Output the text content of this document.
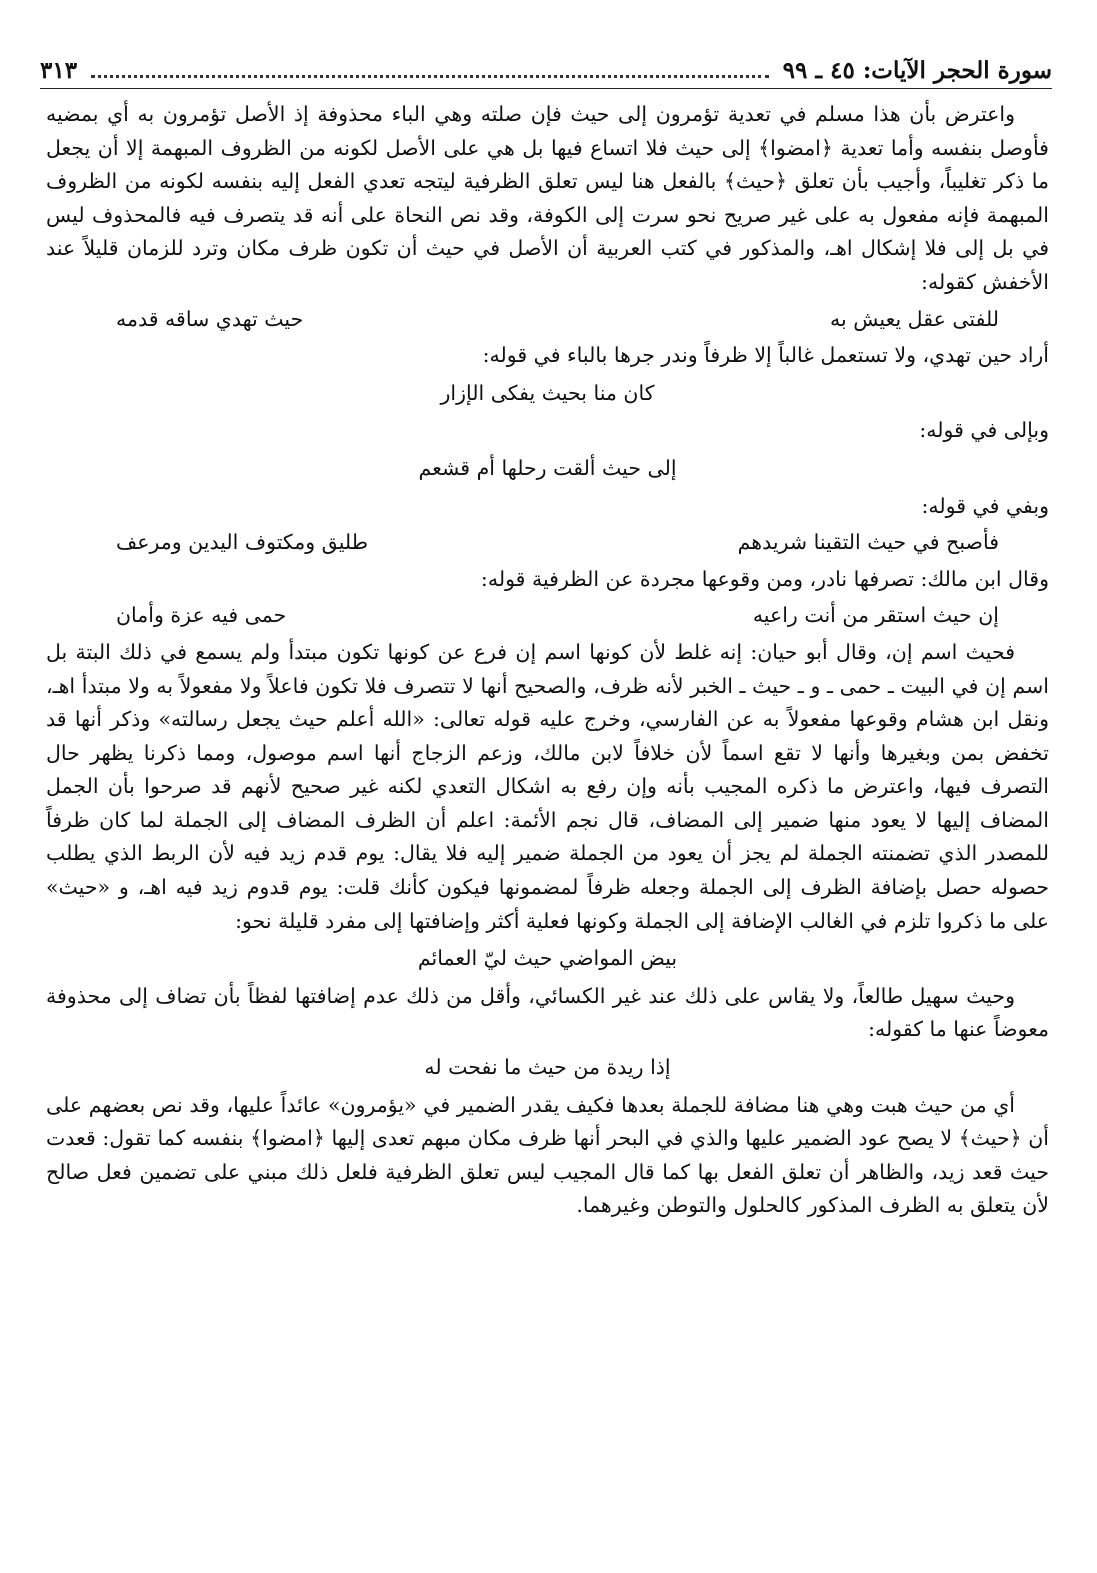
سورة الحجر الآيات: ٤٥ ـ ٩٩
٣١٣

واعترض بأن هذا مسلم في تعدية تؤمرون إلى حيث فإن صلته وهي الباء محذوفة إذ الأصل تؤمرون به أي بمضيه فأوصل بنفسه وأما تعدية ﴿امضوا﴾ إلى حيث فلا اتساع فيها بل هي على الأصل لكونه من الظروف المبهمة إلا أن يجعل ما ذكر تغليباً، وأجيب بأن تعلق ﴿حيث﴾ بالفعل هنا ليس تعلق الظرفية ليتجه تعدي الفعل إليه بنفسه لكونه من الظروف المبهمة فإنه مفعول به على غير صريح نحو سرت إلى الكوفة، وقد نص النحاة على أنه قد يتصرف فيه فالمحذوف ليس في بل إلى فلا إشكال اهـ، والمذكور في كتب العربية أن الأصل في حيث أن تكون ظرف مكان وترد للزمان قليلاً عند الأخفش كقوله:

للفتى عقل يعيش به
حيث تهدي ساقه قدمه

أراد حين تهدي، ولا تستعمل غالباً إلا ظرفاً وندر جرها بالباء في قوله:

كان منا بحيث يفكى الإزار

وبإلى في قوله:

إلى حيث ألقت رحلها أم قشعم

وبفي في قوله:

فأصبح في حيث التقينا شريدهم
طليق ومكتوف اليدين ومرعف

وقال ابن مالك: تصرفها نادر، ومن وقوعها مجردة عن الظرفية قوله:

إن حيث استقر من أنت راعيه
حمى فيه عزة وأمان

فحيث اسم إن، وقال أبو حيان: إنه غلط لأن كونها اسم إن فرع عن كونها تكون مبتدأ ولم يسمع في ذلك البتة بل اسم إن في البيت ـ حمى ـ و ـ حيث ـ الخبر لأنه ظرف، والصحيح أنها لا تتصرف فلا تكون فاعلاً ولا مفعولاً به ولا مبتدأ اهـ، ونقل ابن هشام وقوعها مفعولاً به عن الفارسي، وخرج عليه قوله تعالى: «الله أعلم حيث يجعل رسالته» وذكر أنها قد تخفض بمن وبغيرها وأنها لا تقع اسماً لأن خلافاً لابن مالك، وزعم الزجاج أنها اسم موصول، ومما ذكرنا يظهر حال التصرف فيها، واعترض ما ذكره المجيب بأنه وإن رفع به اشكال التعدي لكنه غير صحيح لأنهم قد صرحوا بأن الجمل المضاف إليها لا يعود منها ضمير إلى المضاف، قال نجم الأئمة: اعلم أن الظرف المضاف إلى الجملة لما كان ظرفاً للمصدر الذي تضمنته الجملة لم يجز أن يعود من الجملة ضمير إليه فلا يقال: يوم قدم زيد فيه لأن الربط الذي يطلب حصوله حصل بإضافة الظرف إلى الجملة وجعله ظرفاً لمضمونها فيكون كأنك قلت: يوم قدوم زيد فيه اهـ، و «حيث» على ما ذكروا تلزم في الغالب الإضافة إلى الجملة وكونها فعلية أكثر وإضافتها إلى مفرد قليلة نحو:

بيض المواضي حيث ليّ العمائم

وحيث سهيل طالعاً، ولا يقاس على ذلك عند غير الكسائي، وأقل من ذلك عدم إضافتها لفظاً بأن تضاف إلى محذوفة معوضاً عنها ما كقوله:

إذا ريدة من حيث ما نفحت له

أي من حيث هبت وهي هنا مضافة للجملة بعدها فكيف يقدر الضمير في «يؤمرون» عائداً عليها، وقد نص بعضهم على أن ﴿حيث﴾ لا يصح عود الضمير عليها والذي في البحر أنها ظرف مكان مبهم تعدى إليها ﴿امضوا﴾ بنفسه كما تقول: قعدت حيث قعد زيد، والظاهر أن تعلق الفعل بها كما قال المجيب ليس تعلق الظرفية فلعل ذلك مبني على تضمين فعل صالح لأن يتعلق به الظرف المذكور كالحلول والتوطن وغيرهما.
